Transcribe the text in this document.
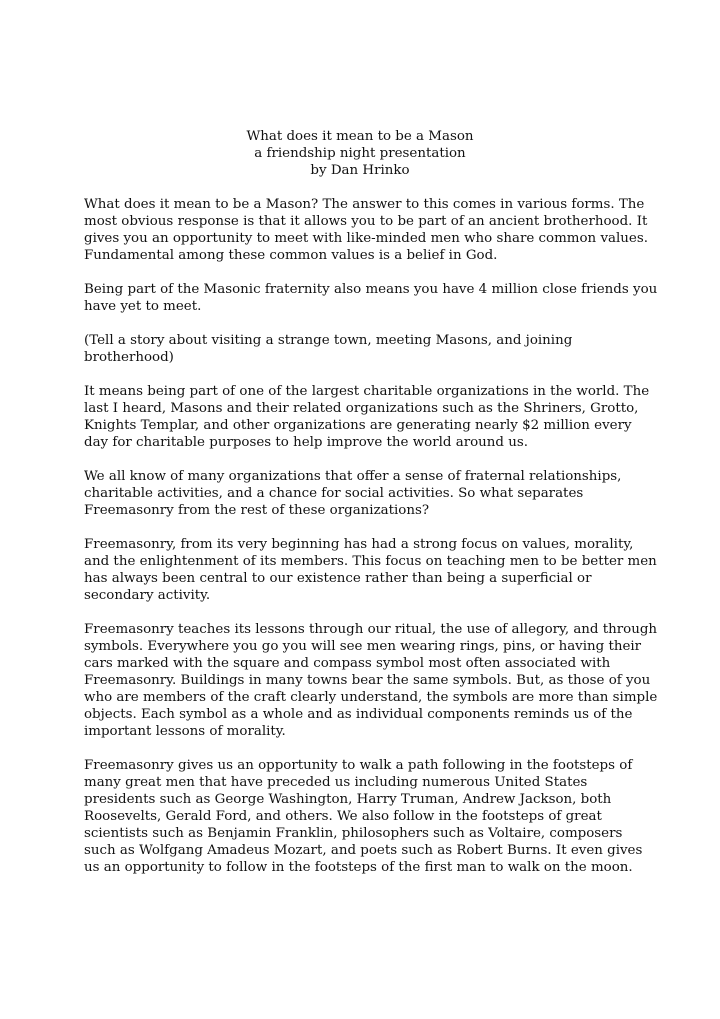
What does it mean to be a Mason
a friendship night presentation
by Dan Hrinko

What does it mean to be a Mason? The answer to this comes in various forms. The
most obvious response is that it allows you to be part of an ancient brotherhood. It
gives you an opportunity to meet with like-minded men who share common values.
Fundamental among these common values is a belief in God.

Being part of the Masonic fraternity also means you have 4 million close friends you
have yet to meet.

(Tell a story about visiting a strange town, meeting Masons, and joining
brotherhood)

It means being part of one of the largest charitable organizations in the world. The
last I heard, Masons and their related organizations such as the Shriners, Grotto,
Knights Templar, and other organizations are generating nearly $2 million every
day for charitable purposes to help improve the world around us.

We all know of many organizations that offer a sense of fraternal relationships,
charitable activities, and a chance for social activities. So what separates
Freemasonry from the rest of these organizations?

Freemasonry, from its very beginning has had a strong focus on values, morality,
and the enlightenment of its members. This focus on teaching men to be better men
has always been central to our existence rather than being a superficial or
secondary activity.

Freemasonry teaches its lessons through our ritual, the use of allegory, and through
symbols. Everywhere you go you will see men wearing rings, pins, or having their
cars marked with the square and compass symbol most often associated with
Freemasonry. Buildings in many towns bear the same symbols. But, as those of you
who are members of the craft clearly understand, the symbols are more than simple
objects. Each symbol as a whole and as individual components reminds us of the
important lessons of morality.

Freemasonry gives us an opportunity to walk a path following in the footsteps of
many great men that have preceded us including numerous United States
presidents such as George Washington, Harry Truman, Andrew Jackson, both
Roosevelts, Gerald Ford, and others. We also follow in the footsteps of great
scientists such as Benjamin Franklin, philosophers such as Voltaire, composers
such as Wolfgang Amadeus Mozart, and poets such as Robert Burns. It even gives
us an opportunity to follow in the footsteps of the first man to walk on the moon.
